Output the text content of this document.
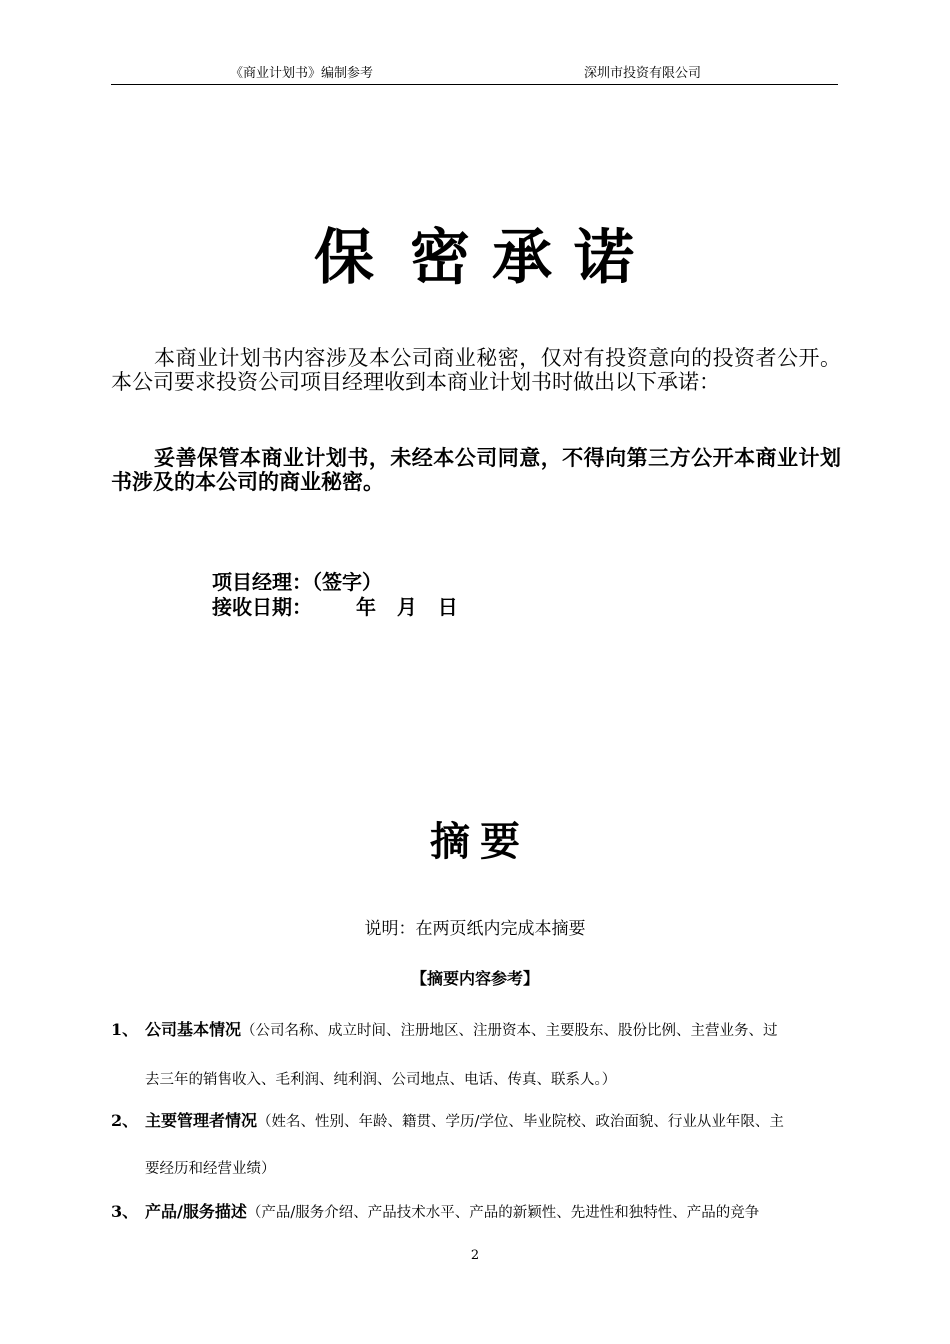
《商业计划书》编制参考	深圳市投资有限公司
保 密 承 诺
　　本商业计划书内容涉及本公司商业秘密，仅对有投资意向的投资者公开。本公司要求投资公司项目经理收到本商业计划书时做出以下承诺：
　　妥善保管本商业计划书，未经本公司同意，不得向第三方公开本商业计划书涉及的本公司的商业秘密。
项目经理：（签字）
接收日期： 年   月   日
摘 要
说明：在两页纸内完成本摘要
【摘要内容参考】
1、 公司基本情况（公司名称、成立时间、注册地区、注册资本、主要股东、股份比例、主营业务、过
去三年的销售收入、毛利润、纯利润、公司地点、电话、传真、联系人。）
2、 主要管理者情况（姓名、性别、年龄、籍贯、学历/学位、毕业院校、政治面貌、行业从业年限、主
要经历和经营业绩）
3、 产品/服务描述（产品/服务介绍、产品技术水平、产品的新颖性、先进性和独特性、产品的竞争
2
